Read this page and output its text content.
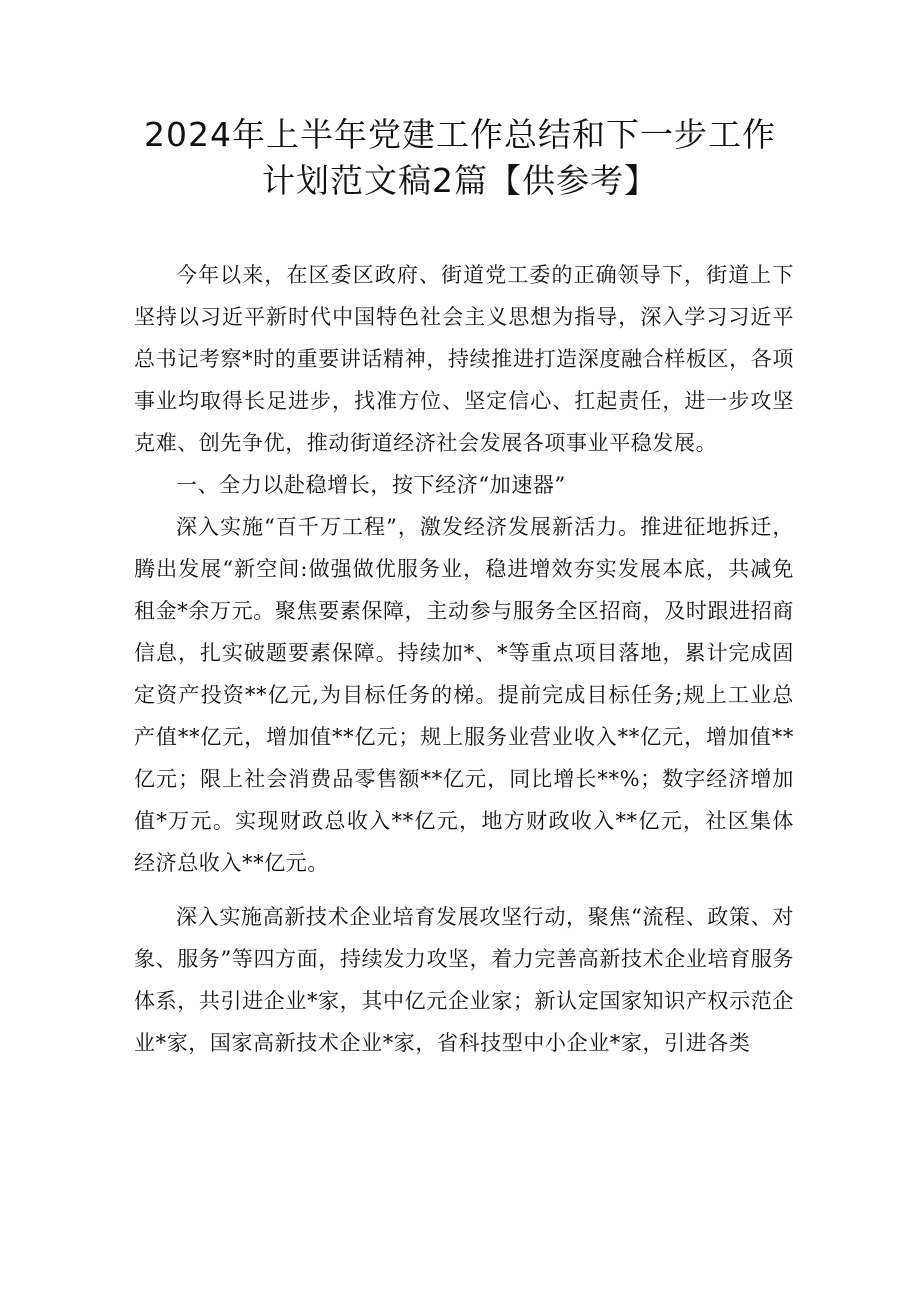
2024年上半年党建工作总结和下一步工作
计划范文稿2篇【供参考】

今年以来，在区委区政府、街道党工委的正确领导下，街道上下坚持以习近平新时代中国特色社会主义思想为指导，深入学习习近平总书记考察*时的重要讲话精神，持续推进打造深度融合样板区，各项事业均取得长足进步，找准方位、坚定信心、扛起责任，进一步攻坚克难、创先争优，推动街道经济社会发展各项事业平稳发展。

一、全力以赴稳增长，按下经济“加速器”

深入实施“百千万工程”，激发经济发展新活力。推进征地拆迁，腾出发展“新空间:做强做优服务业，稳进增效夯实发展本底，共减免租金*余万元。聚焦要素保障，主动参与服务全区招商，及时跟进招商信息，扎实破题要素保障。持续加*、*等重点项目落地，累计完成固定资产投资**亿元,为目标任务的梯。提前完成目标任务;规上工业总产值**亿元，增加值**亿元；规上服务业营业收入**亿元，增加值**亿元；限上社会消费品零售额**亿元，同比增长**%；数字经济增加值*万元。实现财政总收入**亿元，地方财政收入**亿元，社区集体经济总收入**亿元。

深入实施高新技术企业培育发展攻坚行动，聚焦“流程、政策、对象、服务”等四方面，持续发力攻坚，着力完善高新技术企业培育服务体系，共引进企业*家，其中亿元企业家；新认定国家知识产权示范企业*家，国家高新技术企业*家，省科技型中小企业*家，引进各类
